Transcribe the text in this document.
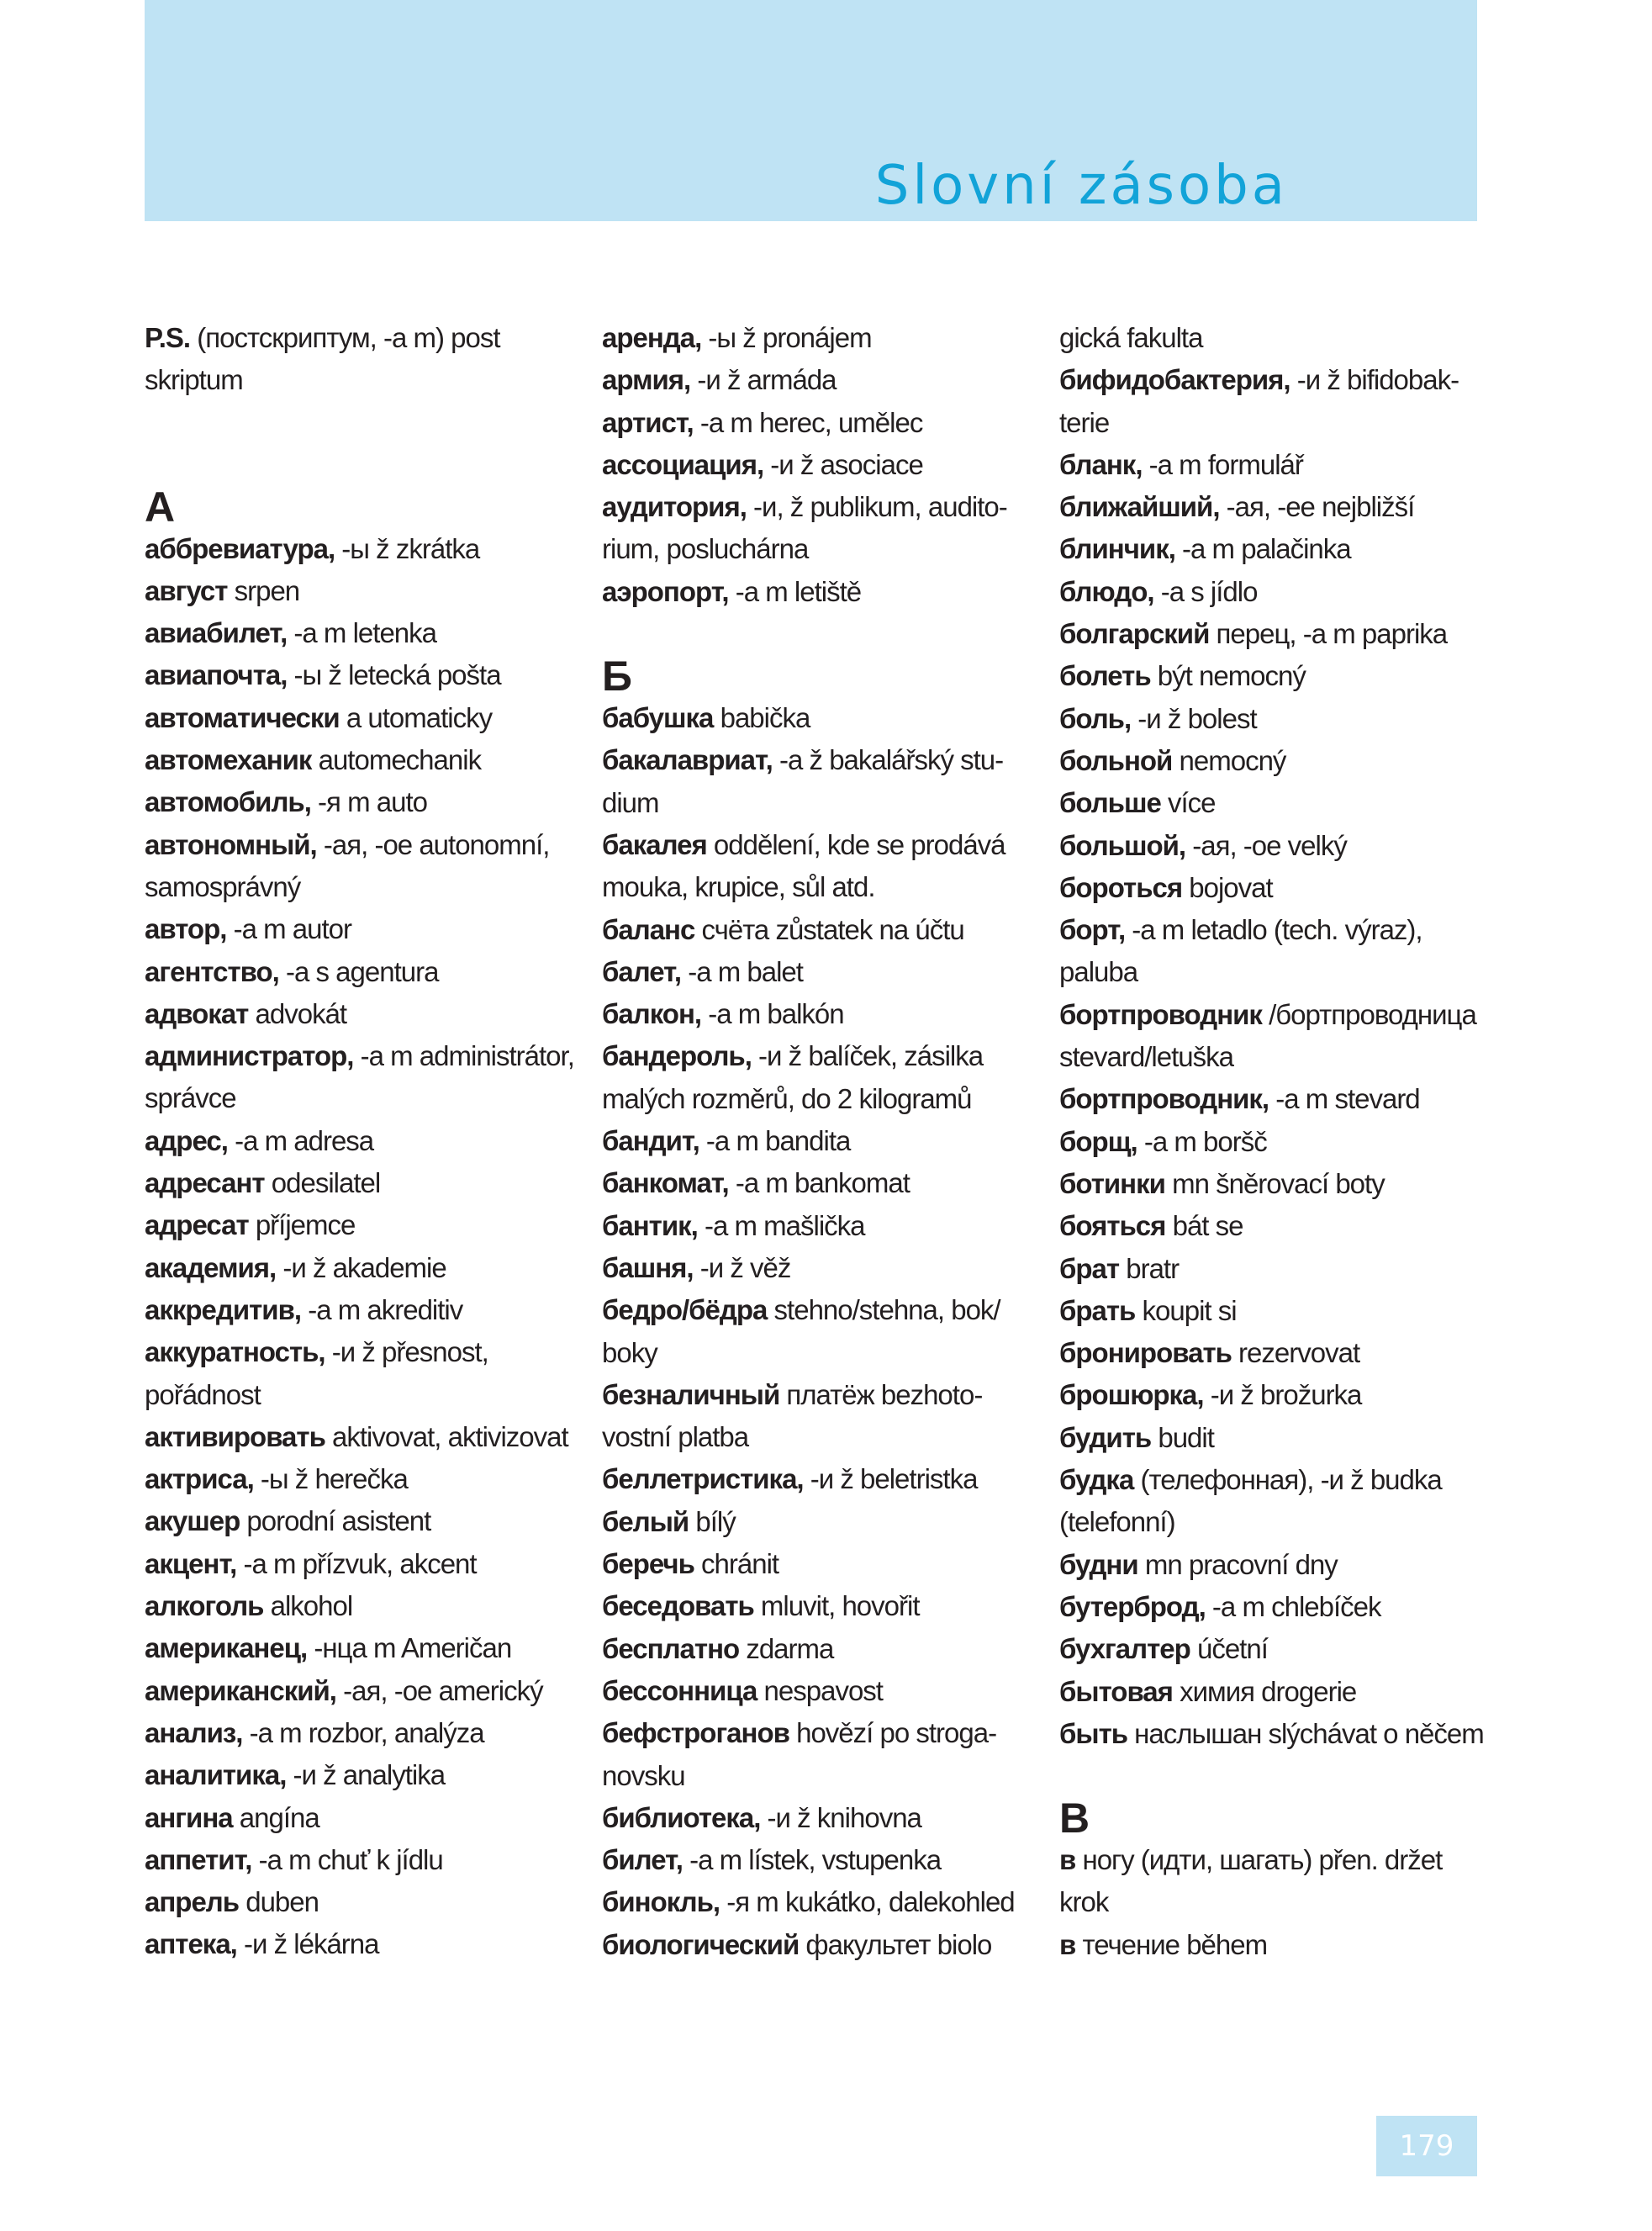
Slovní zásoba

P.S. (постскриптум, -а m) post skriptum

А

аббревиатура, -ы ž zkrátka

август srpen

авиабилет, -а m letenka

авиапочта, -ы ž letecká pošta

автоматически a utomaticky

автомеханик automechanik

автомобиль, -я m auto

автономный, -ая, -ое autonomní, samosprávný

автор, -а m autor

агентство, -а s agentura

адвокат advokát

администратор, -а m administrátor, správce

адрес, -а m adresa

адресант odesilatel

адресат příjemce

академия, -и ž akademie

аккредитив, -а m akreditiv

аккуратность, -и ž přesnost, pořádnost

активировать aktivovat, aktivizovat

актриса, -ы ž herečka

акушер porodní asistent

акцент, -а m přízvuk, akcent

алкоголь alkohol

американец, -нца m Američan

американский, -ая, -ое americký

анализ, -а m rozbor, analýza

аналитика, -и ž analytika

ангина angína

аппетит, -а m chuť k jídlu

апрель duben

аптека, -и ž lékárna

аренда, -ы ž pronájem

армия, -и ž armáda

артист, -а m herec, umělec

ассоциация, -и ž asociace

аудитория, -и, ž publikum, auditorium, posluchárna

аэропорт, -а m letiště

Б

бабушка babička

бакалавриат, -а ž bakalářský studium

бакалея oddělení, kde se prodává mouka, krupice, sůl atd.

баланс счёта zůstatek na účtu

балет, -а m balet

балкон, -а m balkón

бандероль, -и ž balíček, zásilka malých rozměrů, do 2 kilogramů

бандит, -а m bandita

банкомат, -а m bankomat

бантик, -а m mašlička

башня, -и ž věž

бедро/бёдра stehno/stehna, bok/ boky

безналичный платёж bezhotovostní platba

беллетристика, -и ž beletristka

белый bílý

беречь chránit

беседовать mluvit, hovořit

бесплатно zdarma

бессонница nespavost

бефстроганов hovězí po stroganovsku

библиотека, -и ž knihovna

билет, -а m lístek, vstupenka

бинокль, -я m kukátko, dalekohled

биологический факультет biolo

gická fakulta

бифидобактерия, -и ž bifidobakterie

бланк, -а m formulář

ближайший, -ая, -ее nejbližší

блинчик, -а m palačinka

блюдо, -а s jídlo

болгарский перец, -а m paprika

болеть být nemocný

боль, -и ž bolest

больной nemocný

больше více

большой, -ая, -ое velký

бороться bojovat

борт, -а m letadlo (tech. výraz), paluba

бортпроводник /бортпроводница stevard/letuška

бортпроводник, -а m stevard

борщ, -а m boršč

ботинки mn šněrovací boty

бояться bát se

брат bratr

брать koupit si

бронировать rezervovat

брошюрка, -и ž brožurka

будить budit

будка (телефонная), -и ž budka (telefonní)

будни mn pracovní dny

бутерброд, -а m chlebíček

бухгалтер účetní

бытовая химия drogerie

быть наслышан slýchávat o něčem

В

в ногу (идти, шагать) přen. držet krok

в течение během

179
